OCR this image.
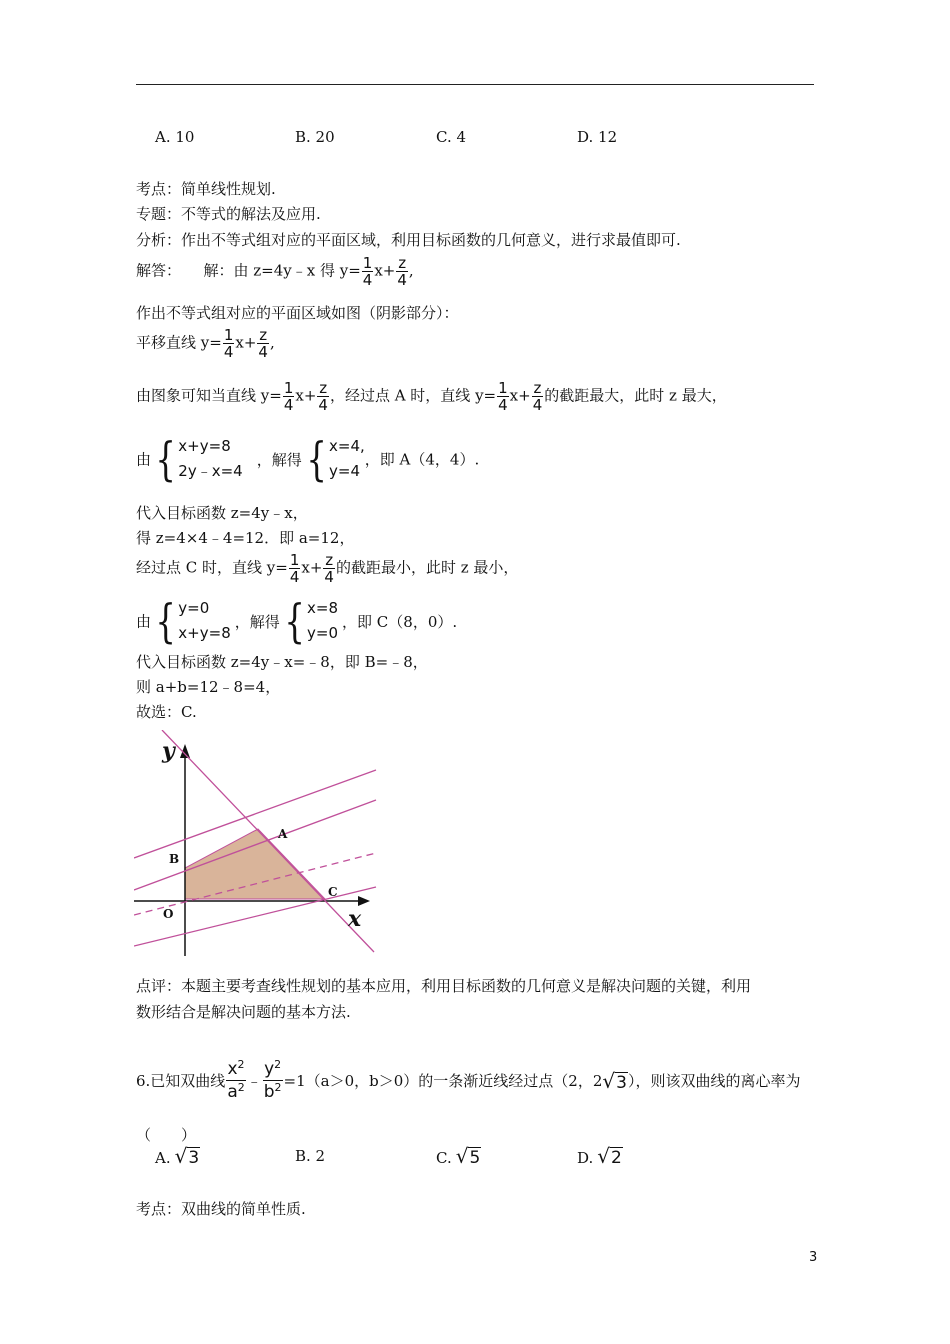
A. 10	B. 20	C. 4	D. 12
考点：简单线性规划.
专题：不等式的解法及应用.
分析：作出不等式组对应的平面区域，利用目标函数的几何意义，进行求最值即可.
解答：　　解：由 z=4y﹣x 得 $y= \frac{1}{4} x+ \frac{z}{4}$ ,
作出不等式组对应的平面区域如图（阴影部分）：
平移直线 $y= \frac{1}{4} x+ \frac{z}{4}$ ,
由图象可知当直线 $y= \frac{1}{4} x+ \frac{z}{4}$ ，经过点 A 时，直线 $y= \frac{1}{4} x+ \frac{z}{4}$ 的截距最大，此时 z 最大，
由 { x+y=8
2y﹣x=4
，解得 { x=4,
y=4
，即 A（4，4）.
代入目标函数 z=4y﹣x，
得 z=4×4﹣4=12．即 a=12，
经过点 C 时，直线 $y= \frac{1}{4} x+ \frac{z}{4}$ 的截距最小，此时 z 最小，
由 { y=0
x+y=8
，解得 { x=8
y=0
，即 C（8，0）.
代入目标函数 z=4y﹣x=﹣8，即 B=﹣8，
则 a+b=12﹣8=4，
故选：C.
y
x
O
A
B
C
点评：本题主要考查线性规划的基本应用，利用目标函数的几何意义是解决问题的关键，利用
数形结合是解决问题的基本方法.
6.已知双曲线 $\frac{x^2}{a^2}$ ﹣ $\frac{y^2}{b^2} =1(a>0$，b＞0）的一条渐近线经过点（2，2√3），则该双曲线的离心率为
（　　）
A. √3	B. 2	C. √5	D. √2
考点：双曲线的简单性质.
3
